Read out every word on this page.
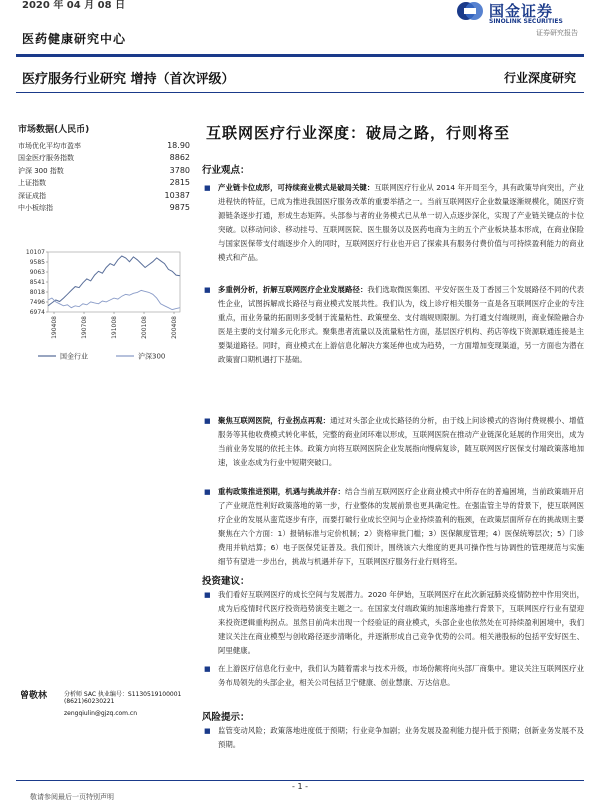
2020 年 04 月 08 日
医药健康研究中心
国金证券
SINOLINK SECURITIES
证券研究报告
医疗服务行业研究 增持（首次评级）	行业深度研究
市场数据(人民币)
市场优化平均市盈率	18.90
国金医疗服务指数	8862
沪深 300 指数	3780
上证指数	2815
深证成指	10387
中小板综指	9875
10107
9585
9063
8541
8018
7496
6974
190408	190708	191008	200108	200408
国金行业	沪深300
曾敬林	分析师 SAC 执业编号：S1130519100001
(8621)60230221
zengqiulin@gjzq.com.cn
互联网医疗行业深度：破局之路，行则将至
行业观点：
■ 产业链卡位成形，可持续商业模式是破局关键：互联网医疗行业从 2014 年开局至今，具有政策导向突出，产业进程快的特征，已成为推进我国医疗服务改革的重要举措之一。当前互联网医疗企业数量逐渐规模化，随医疗资源链条逐步打通，形成生态矩阵。头部参与者的业务模式已从单一切入点逐步深化，实现了产业链关键点的卡位突破。以移动问诊、移动挂号、互联网医院、医生服务以及医药电商为主的五个产业板块基本形成，在商业保险与国家医保带支付端逐步介入的同时，互联网医疗行业也开启了探索具有服务付费价值与可持续盈利能力的商业模式和产品。
■ 多重例分析，折解互联网医疗企业发展路径：我们选取微医集团、平安好医生及丁香园三个发展路径不同的代表性企业，试图拆解成长路径与商业模式发展共性。我们认为，线上诊疗相关服务一直是各互联网医疗企业的专注重点，而业务量的拓面则多受制于流量粘性、政策壁垒、支付端规则限制。为打通支付端规则，商业保险融合办医是主要的支付端多元化形式。聚集患者流量以及流量粘性方面，基层医疗机构、药店等线下资源联通连接是主要渠道路径。同时，商业模式在上游信息化解决方案延伸也成为趋势，一方面增加变现渠道，另一方面也为潜在政策窗口期机遇打下基础。
■ 聚焦互联网医院，行业拐点再观：通过对头部企业成长路径的分析，由于线上问诊模式的咨询付费规模小、增值服务等其他收费模式转化率低，完整的商业闭环难以形成，互联网医院在推动产业链深化延展的作用突出，成为当前业务发展的依托主体。政策方向将互联网医院企业发展指向慢病复诊，随互联网医疗医保支付端政策落地加速，该业态成为行业中短期突破口。
■ 重构政策推进预期，机遇与挑战并存：结合当前互联网医疗企业商业模式中所存在的普遍困境，当前政策端开启了产业规范性利好政策落地的第一步，行业整体的发展前景也更具确定性。在强监管主导的背景下，使互联网医疗企业的发展从蛮荒逐步有序，而要打破行业成长空间与企业持续盈利的瓶颈，在政策层面所存在的挑战则主要聚焦在六个方面：1）报销标准与定价机制；2）资格审批门槛；3）医保额度管理；4）医保统筹层次；5）门诊费用并轨结算；6）电子医保凭证普及。我们预计，围绕该六大维度的更具可操作性与协调性的管理规范与实施细节有望进一步出台，挑战与机遇并存下，互联网医疗服务行业行则将至。
投资建议：
■ 我们看好互联网医疗的成长空间与发展潜力。2020 年伊始，互联网医疗在此次新冠肺炎疫情防控中作用突出，成为后疫情时代医疗投资趋势演变主题之一。在国家支付端政策的加速落地推行背景下，互联网医疗行业有望迎来投资逻辑重构拐点。虽然目前尚未出现一个经验证的商业模式，头部企业也依然处在可持续盈利困境中，我们建议关注在商业模型与创收路径逐步清晰化，并逐渐形成自己竞争优势的公司。相关港股标的包括平安好医生、阿里健康。
■ 在上游医疗信息化行业中，我们认为随着需求与技术升级，市场份额将向头部厂商集中。建议关注互联网医疗业务布局领先的头部企业，相关公司包括卫宁健康、创业慧康、万达信息。
风险提示：
■ 监管变动风险；政策落地进度低于预期；行业竞争加剧；业务发展及盈利能力提升低于预期；创新业务发展不及预期。
- 1 -
敬请参阅最后一页特别声明
